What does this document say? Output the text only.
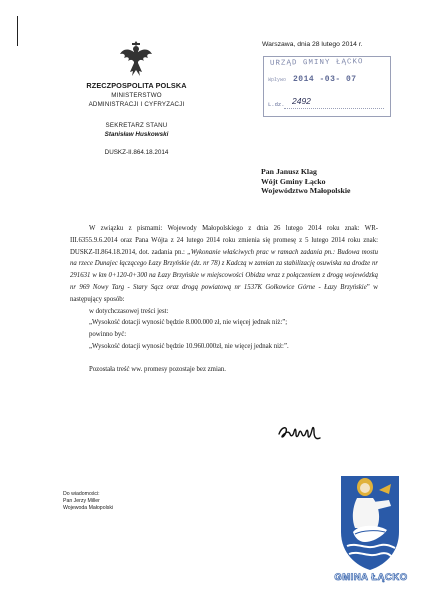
RZECZPOSPOLITA POLSKA
MINISTERSTWO
ADMINISTRACJI I CYFRYZACJI
SEKRETARZ STANU
Stanisław Huskowski
DUSKZ-II.864.18.2014
Warszawa, dnia 28 lutego 2014 r.
URZĄD GMINY ŁĄCKO
Wpływo 2014 -03- 07
L.dz. 2492
Pan Janusz Klag
Wójt Gminy Łącko
Województwo Małopolskie
W związku z pismami: Wojewody Małopolskiego z dnia 26 lutego 2014 roku znak: WR-III.6355.9.6.2014 oraz Pana Wójta z 24 lutego 2014 roku zmienia się promesę z 5 lutego 2014 roku znak: DUSKZ-II.864.18.2014, dot. zadania pn.: „Wykonanie właściwych prac w ramach zadania pn.: Budowa mostu na rzece Dunajec łączącego Łazy Brzyńskie (dz. nr 78) z Kadczą w zamian za stabilizację osuwiska na drodze nr 291631 w km 0+120-0+300 na Łazy Brzyńskie w miejscowości Obidza wraz z połączeniem z drogą wojewódzką nr 969 Nowy Targ - Stary Sącz oraz drogą powiatową nr 1537K Gołkowice Górne - Łazy Brzyńskie” w następujący sposób:
w dotychczasowej treści jest:
„Wysokość dotacji wynosić będzie 8.000.000 zł, nie więcej jednak niż:”;
powinno być:
„Wysokość dotacji wynosić będzie 10.960.000zł, nie więcej jednak niż:”.
Pozostała treść ww. promesy pozostaje bez zmian.
Do wiadomości:
Pan Jerzy Miller
Wojewoda Małopolski
GMINA ŁĄCKO
